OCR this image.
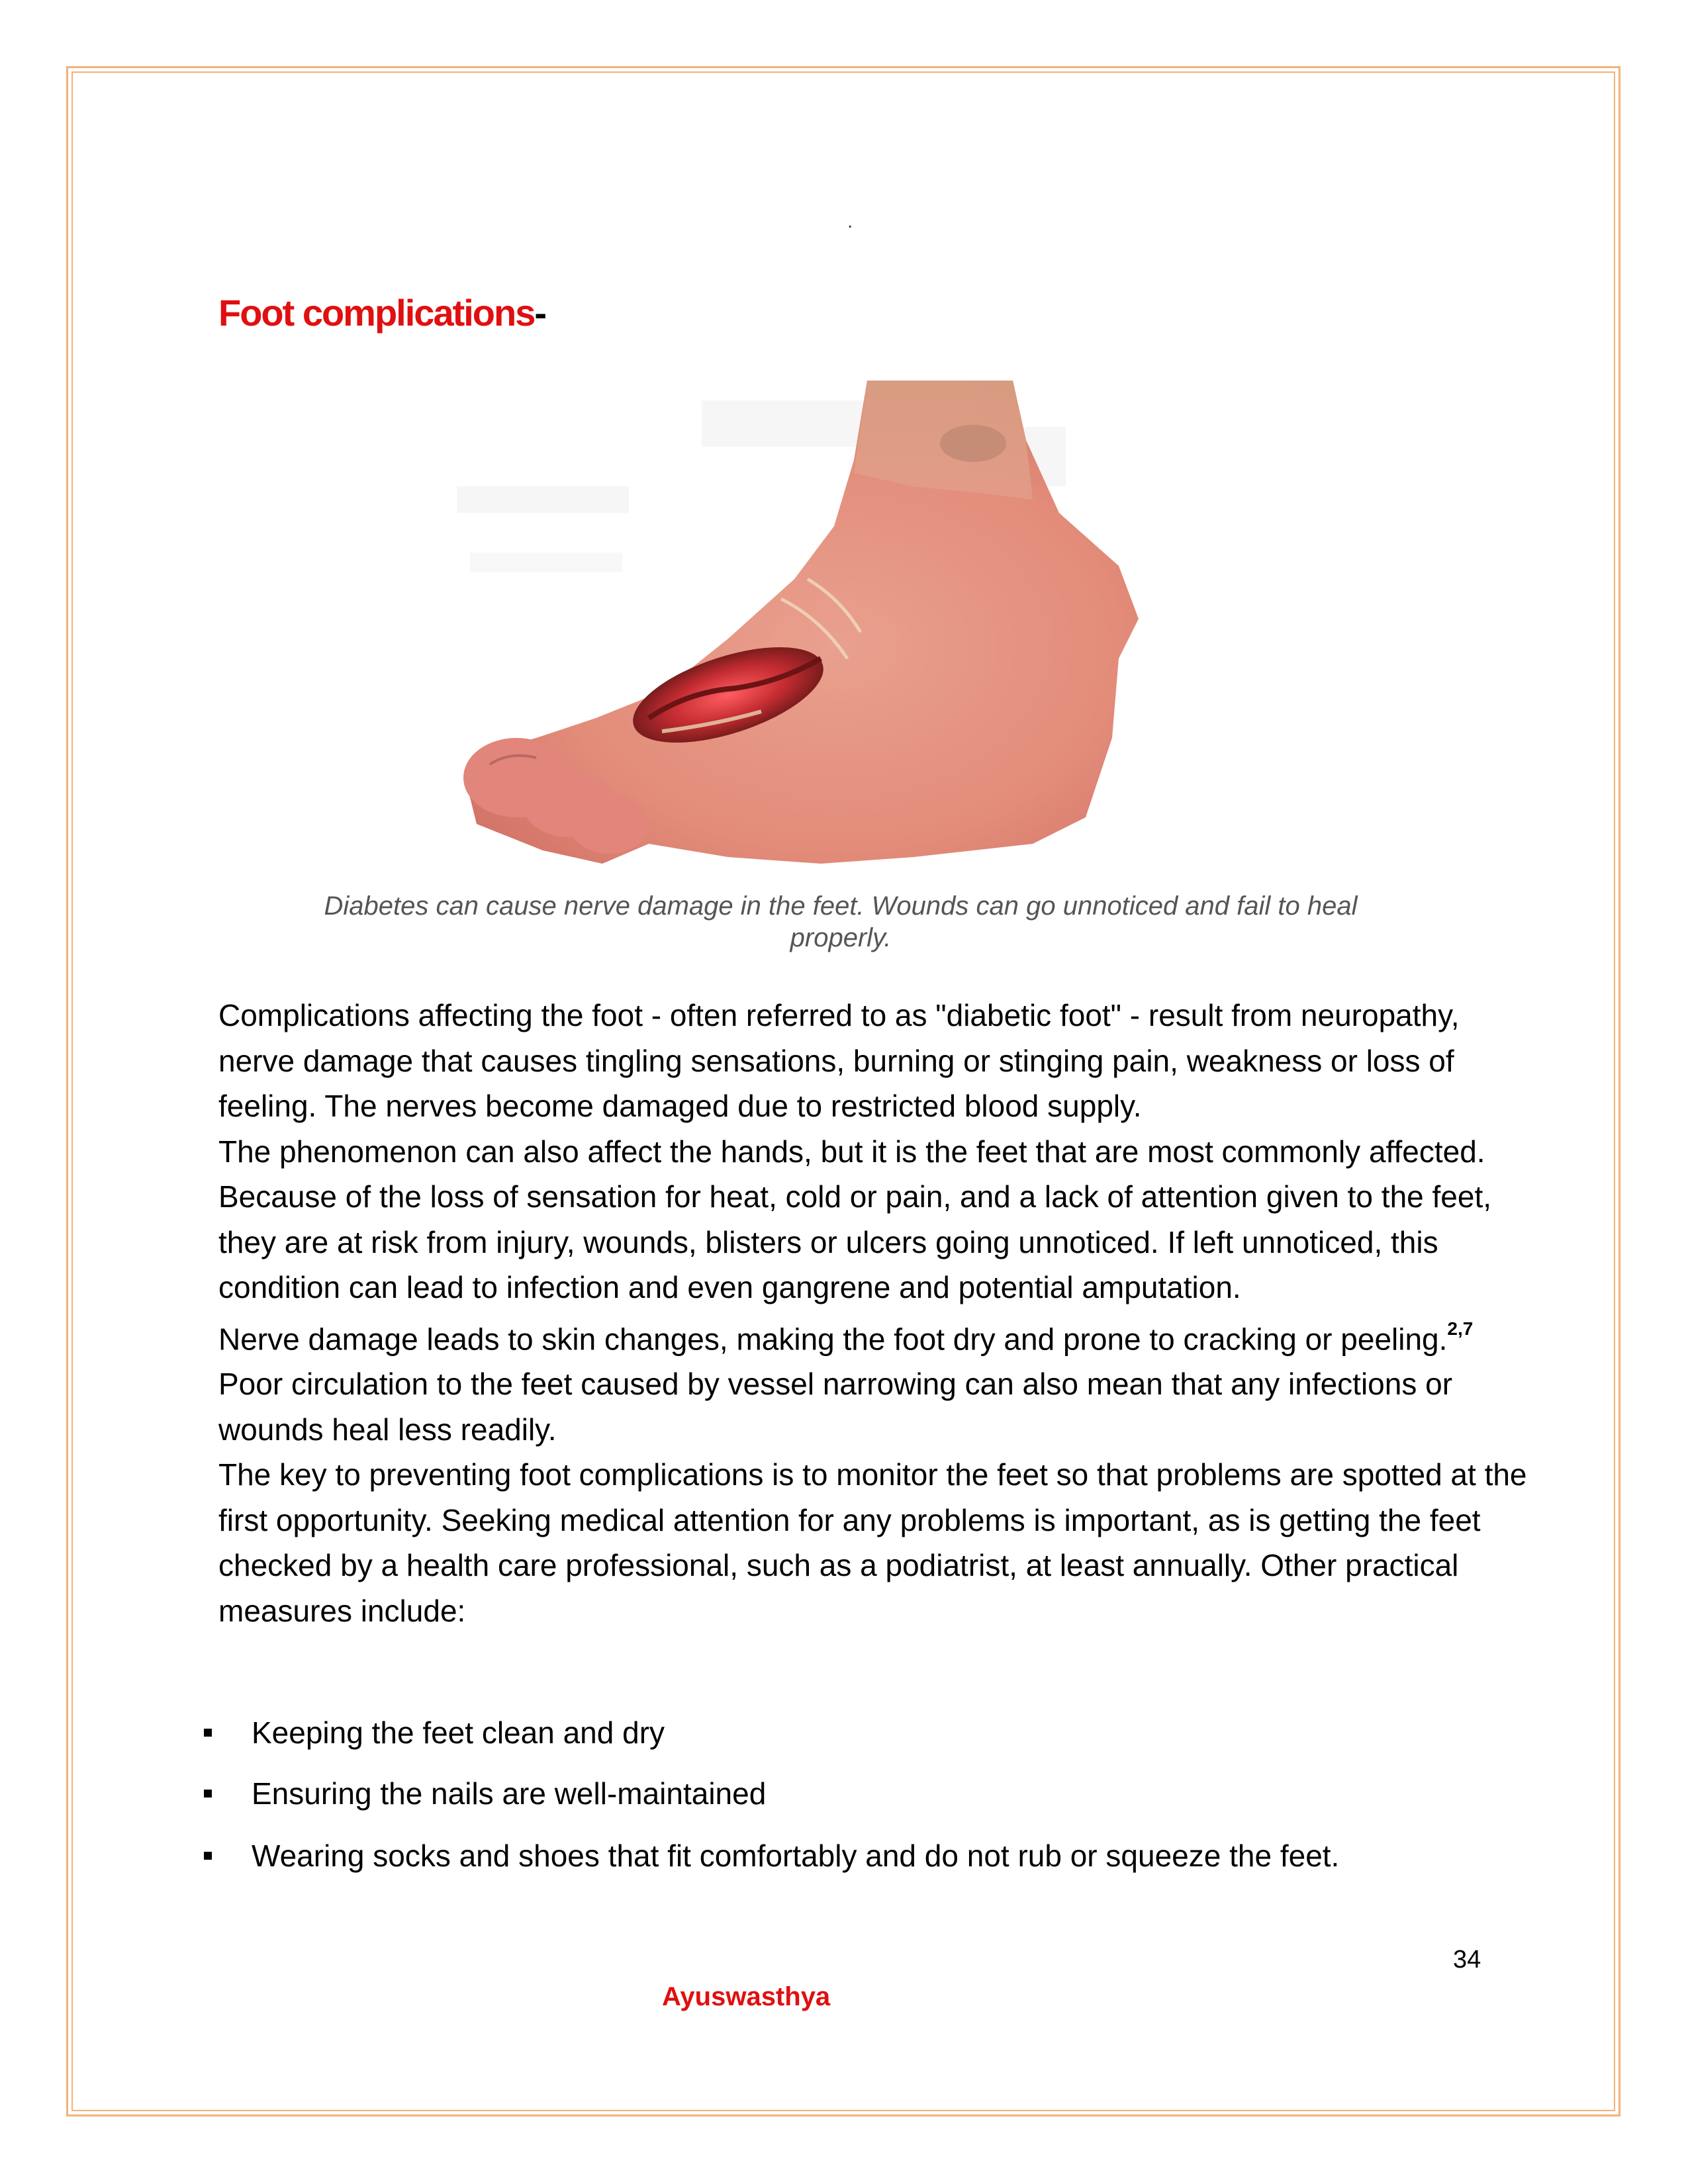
.
Foot complications-
Diabetes can cause nerve damage in the feet. Wounds can go unnoticed and fail to heal
properly.

Complications affecting the foot - often referred to as "diabetic foot" - result from neuropathy, nerve damage that causes tingling sensations, burning or stinging pain, weakness or loss of feeling. The nerves become damaged due to restricted blood supply.

The phenomenon can also affect the hands, but it is the feet that are most commonly affected. Because of the loss of sensation for heat, cold or pain, and a lack of attention given to the feet, they are at risk from injury, wounds, blisters or ulcers going unnoticed. If left unnoticed, this condition can lead to infection and even gangrene and potential amputation.

Nerve damage leads to skin changes, making the foot dry and prone to cracking or peeling.$^{2,7}$ Poor circulation to the feet caused by vessel narrowing can also mean that any infections or wounds heal less readily.

The key to preventing foot complications is to monitor the feet so that problems are spotted at the first opportunity. Seeking medical attention for any problems is important, as is getting the feet checked by a health care professional, such as a podiatrist, at least annually. Other practical measures include:

Keeping the feet clean and dry
Ensuring the nails are well-maintained
Wearing socks and shoes that fit comfortably and do not rub or squeeze the feet.
34
Ayuswasthya
